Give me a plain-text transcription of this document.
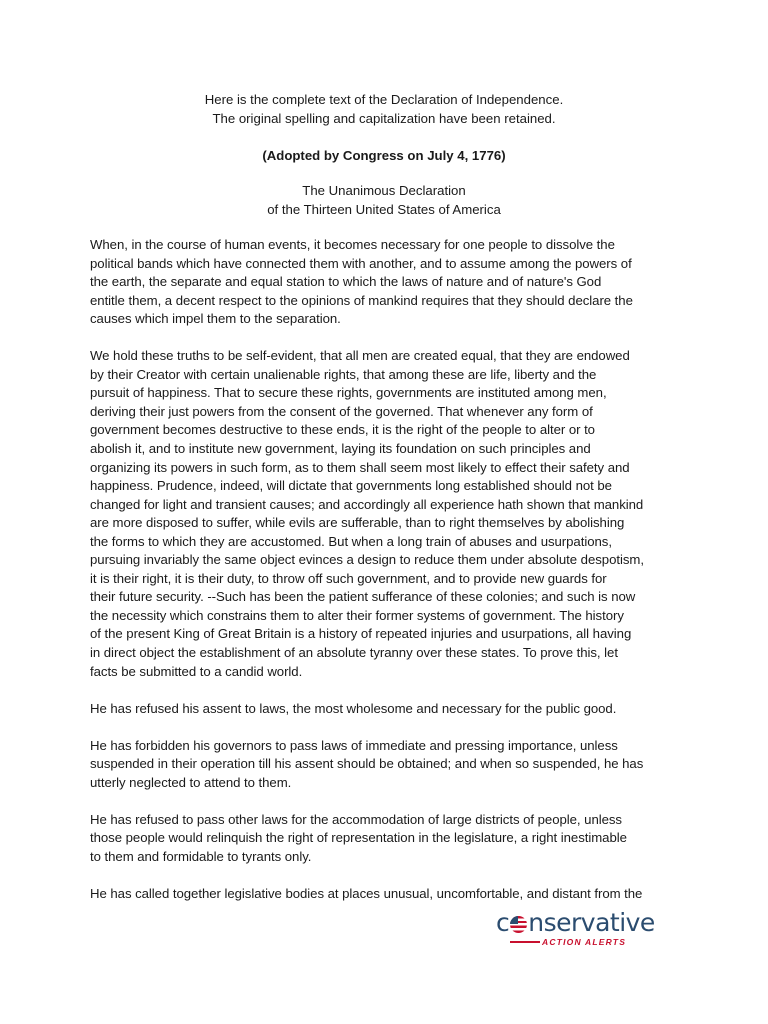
Here is the complete text of the Declaration of Independence.

The original spelling and capitalization have been retained.

(Adopted by Congress on July 4, 1776)

The Unanimous Declaration

of the Thirteen United States of America

When, in the course of human events, it becomes necessary for one people to dissolve the
political bands which have connected them with another, and to assume among the powers of
the earth, the separate and equal station to which the laws of nature and of nature's God
entitle them, a decent respect to the opinions of mankind requires that they should declare the
causes which impel them to the separation.
We hold these truths to be self-evident, that all men are created equal, that they are endowed
by their Creator with certain unalienable rights, that among these are life, liberty and the
pursuit of happiness. That to secure these rights, governments are instituted among men,
deriving their just powers from the consent of the governed. That whenever any form of
government becomes destructive to these ends, it is the right of the people to alter or to
abolish it, and to institute new government, laying its foundation on such principles and
organizing its powers in such form, as to them shall seem most likely to effect their safety and
happiness. Prudence, indeed, will dictate that governments long established should not be
changed for light and transient causes; and accordingly all experience hath shown that mankind
are more disposed to suffer, while evils are sufferable, than to right themselves by abolishing
the forms to which they are accustomed. But when a long train of abuses and usurpations,
pursuing invariably the same object evinces a design to reduce them under absolute despotism,
it is their right, it is their duty, to throw off such government, and to provide new guards for
their future security. --Such has been the patient sufferance of these colonies; and such is now
the necessity which constrains them to alter their former systems of government. The history
of the present King of Great Britain is a history of repeated injuries and usurpations, all having
in direct object the establishment of an absolute tyranny over these states. To prove this, let
facts be submitted to a candid world.
He has refused his assent to laws, the most wholesome and necessary for the public good.
He has forbidden his governors to pass laws of immediate and pressing importance, unless
suspended in their operation till his assent should be obtained; and when so suspended, he has
utterly neglected to attend to them.
He has refused to pass other laws for the accommodation of large districts of people, unless
those people would relinquish the right of representation in the legislature, a right inestimable
to them and formidable to tyrants only.
He has called together legislative bodies at places unusual, uncomfortable, and distant from the
c nservative
ACTION ALERTS
